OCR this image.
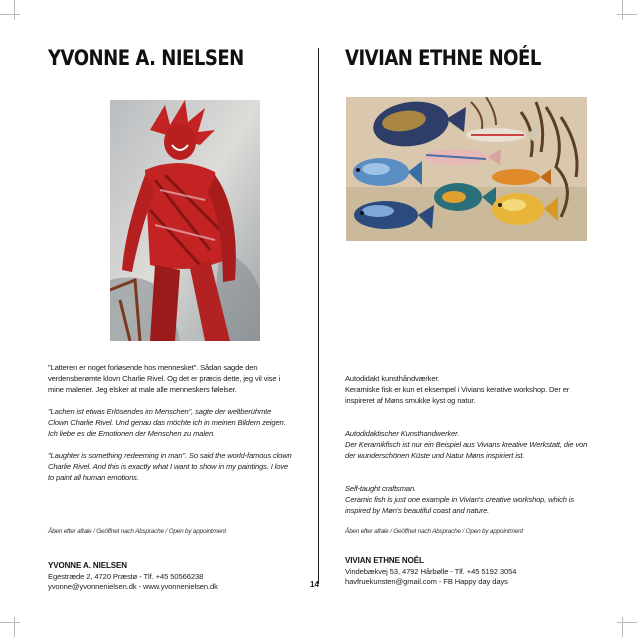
YVONNE A. NIELSEN	VIVIAN ETHNE NOÉL

"Latteren er noget forløsende hos mennesket". Sådan sagde den verdensberømte klovn Charlie Rivel. Og det er præcis dette, jeg vil vise i mine malerier. Jeg elsker at male alle menneskers følelser.

"Lachen ist etwas Erlösendes im Menschen", sagte der weltberühmte Clown Charlie Rivel. Und genau das möchte ich in meinen Bildern zeigen. Ich liebe es die Emotionen der Menschen zu malen.

"Laughter is something redeeming in man". So said the world-famous clown Charlie Rivel. And this is exactly what I want to show in my paintings. I love to paint all human emotions.

Autodidakt kunsthåndværker.
Keramiske fisk er kun et eksempel i Vivians kerative workshop. Der er inspireret af Møns smukke kyst og natur.

Autodidaktischer Kunsthandwerker.
Der Keramikfisch ist nur ein Beispiel aus Vivians kreative Werkstatt, die von der wunderschönen Küste und Natur Møns inspiriert ist.

Self-taught craftsman.
Ceramic fish is just one example in Vivian's creative workshop, which is inspired by Møn's beautiful coast and nature.

Åben efter aftale / Geöffnet nach Absprache / Open by appointment	Åben efter aftale / Geöffnet nach Absprache / Open by appointment
YVONNE A. NIELSEN
Egestræde 2, 4720 Præstø - Tlf. +45 50566238
yvonne@yvonnenielsen.dk - www.yvonnenielsen.dk
VIVIAN ETHNE NOÉL
Vindebækvej 53, 4792 Hårbølle - Tlf. +45 5192 3054
havfruekunsten@gmail.com - FB Happy day days
14
